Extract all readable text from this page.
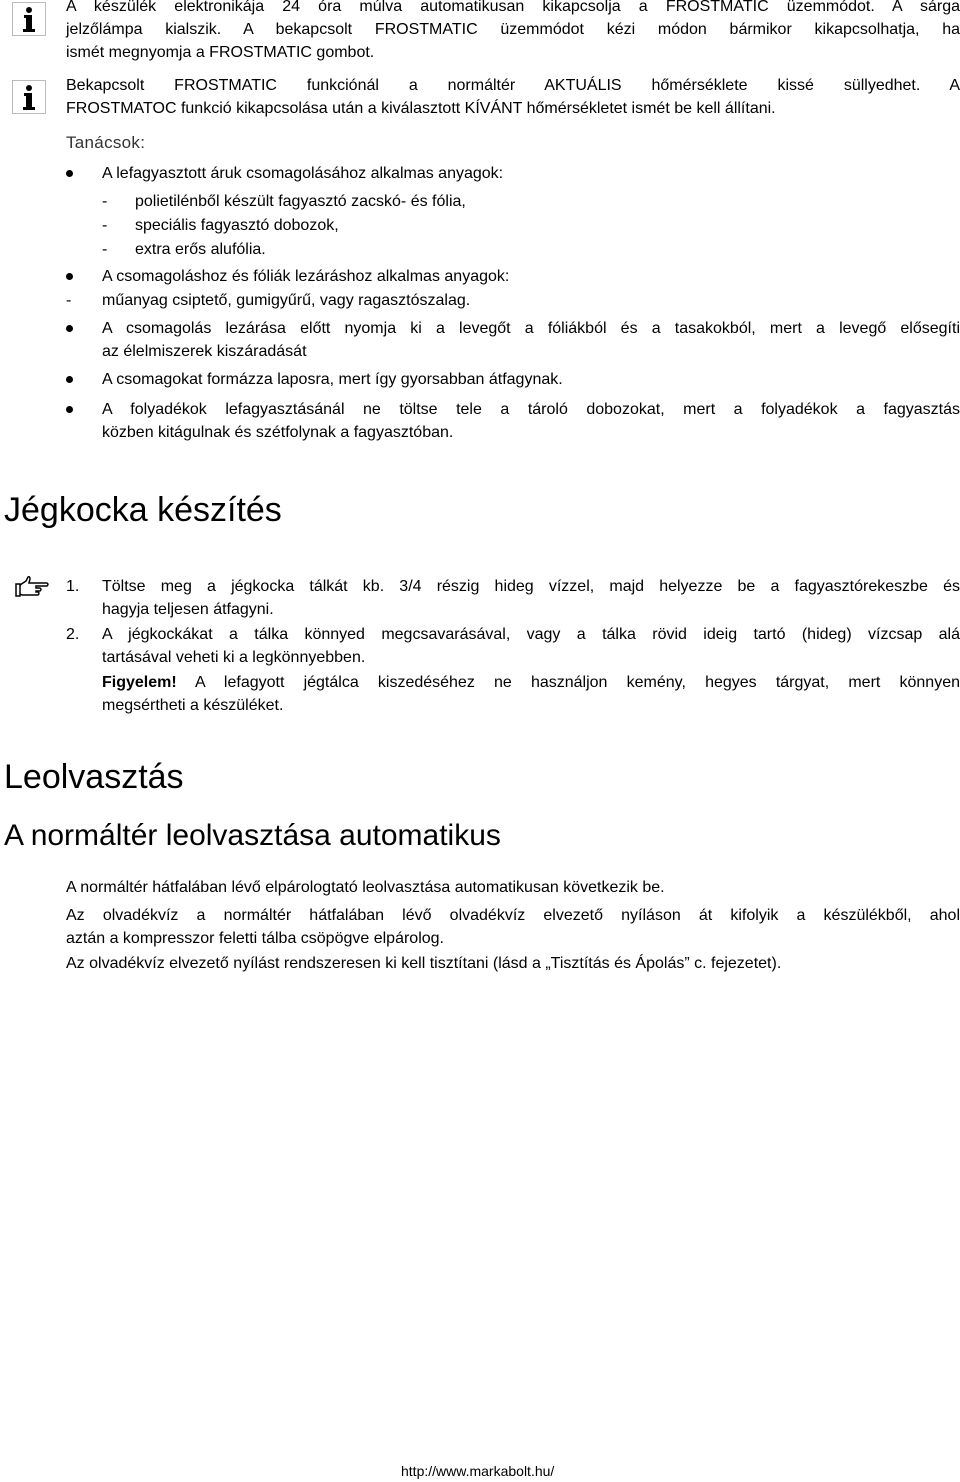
A készülék elektronikája 24 óra múlva automatikusan kikapcsolja a FROSTMATIC üzemmódot. A sárga
jelzőlámpa kialszik. A bekapcsolt FROSTMATIC üzemmódot kézi módon bármikor kikapcsolhatja, ha
ismét megnyomja a FROSTMATIC gombot.
Bekapcsolt FROSTMATIC funkciónál a normáltér AKTUÁLIS hőmérséklete kissé süllyedhet. A
FROSTMATOC funkció kikapcsolása után a kiválasztott KÍVÁNT hőmérsékletet ismét be kell állítani.
Tanácsok:
A lefagyasztott áruk csomagolásához alkalmas anyagok:
- polietilénből készült fagyasztó zacskó- és fólia,
- speciális fagyasztó dobozok,
- extra erős alufólia.
A csomagoláshoz és fóliák lezáráshoz alkalmas anyagok:
- műanyag csiptető, gumigyűrű, vagy ragasztószalag.
A csomagolás lezárása előtt nyomja ki a levegőt a fóliákból és a tasakokból, mert a levegő elősegíti
az élelmiszerek kiszáradását
A csomagokat formázza laposra, mert így gyorsabban átfagynak.
A folyadékok lefagyasztásánál ne töltse tele a tároló dobozokat, mert a folyadékok a fagyasztás
közben kitágulnak és szétfolynak a fagyasztóban.
Jégkocka készítés
1. Töltse meg a jégkocka tálkát kb. 3/4 részig hideg vízzel, majd helyezze be a fagyasztórekeszbe és
hagyja teljesen átfagyni.
2. A jégkockákat a tálka könnyed megcsavarásával, vagy a tálka rövid ideig tartó (hideg) vízcsap alá
tartásával veheti ki a legkönnyebben.
Figyelem! A lefagyott jégtálca kiszedéséhez ne használjon kemény, hegyes tárgyat, mert könnyen
megsértheti a készüléket.
Leolvasztás
A normáltér leolvasztása automatikus
A normáltér hátfalában lévő elpárologtató leolvasztása automatikusan következik be.
Az olvadékvíz a normáltér hátfalában lévő olvadékvíz elvezető nyíláson át kifolyik a készülékből, ahol
aztán a kompresszor feletti tálba csöpögve elpárolog.
Az olvadékvíz elvezető nyílást rendszeresen ki kell tisztítani (lásd a „Tisztítás és Ápolás” c. fejezetet).
http://www.markabolt.hu/
